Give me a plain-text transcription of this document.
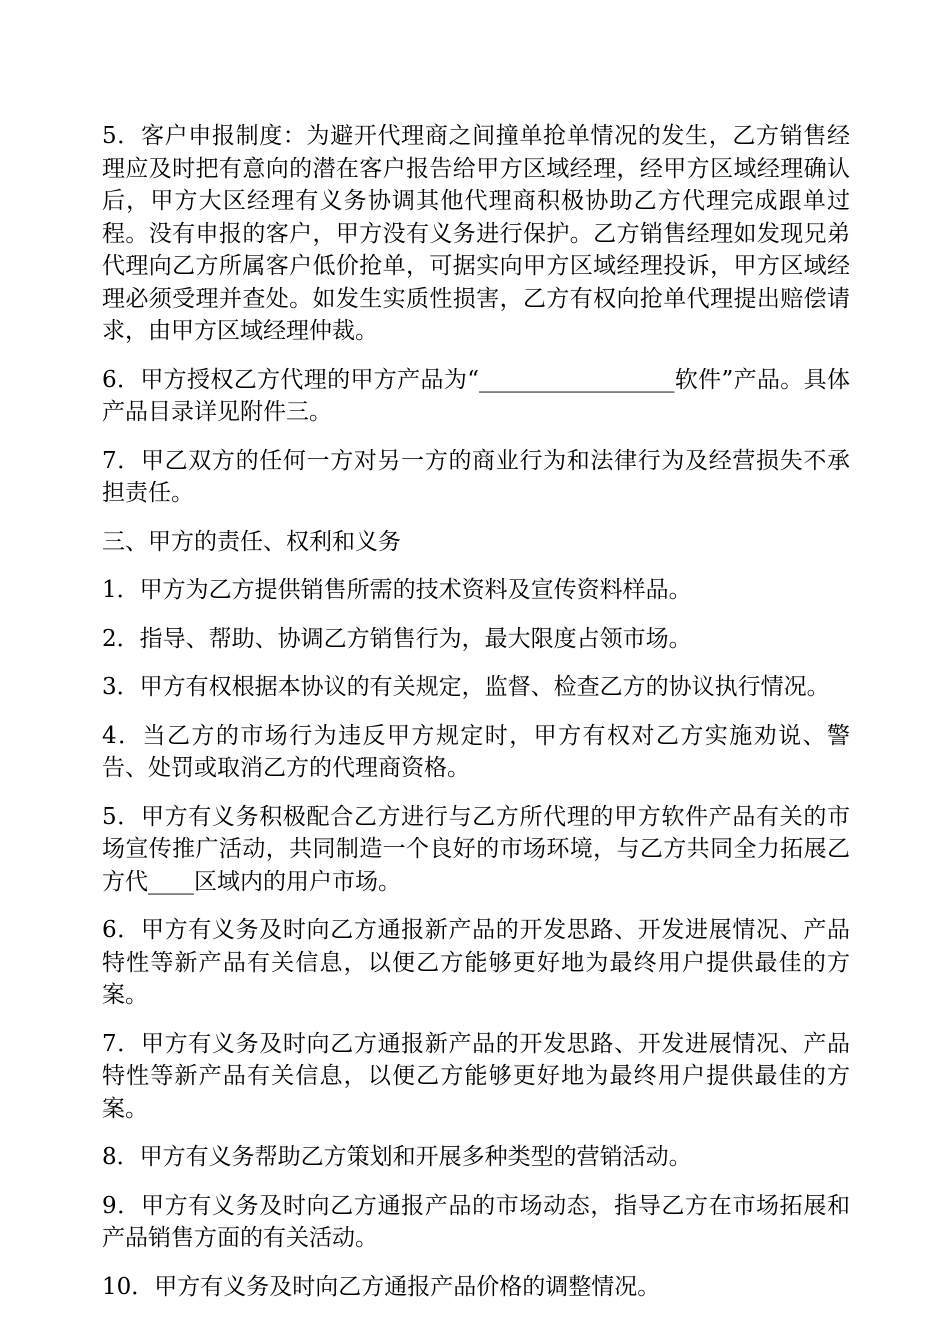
5．客户申报制度：为避开代理商之间撞单抢单情况的发生，乙方销售经理应及时把有意向的潜在客户报告给甲方区域经理，经甲方区域经理确认后，甲方大区经理有义务协调其他代理商积极协助乙方代理完成跟单过程。没有申报的客户，甲方没有义务进行保护。乙方销售经理如发现兄弟代理向乙方所属客户低价抢单，可据实向甲方区域经理投诉，甲方区域经理必须受理并查处。如发生实质性损害，乙方有权向抢单代理提出赔偿请求，由甲方区域经理仲裁。

6．甲方授权乙方代理的甲方产品为“_________________软件”产品。具体产品目录详见附件三。

7．甲乙双方的任何一方对另一方的商业行为和法律行为及经营损失不承担责任。

三、甲方的责任、权利和义务

1．甲方为乙方提供销售所需的技术资料及宣传资料样品。

2．指导、帮助、协调乙方销售行为，最大限度占领市场。

3．甲方有权根据本协议的有关规定，监督、检查乙方的协议执行情况。

4．当乙方的市场行为违反甲方规定时，甲方有权对乙方实施劝说、警告、处罚或取消乙方的代理商资格。

5．甲方有义务积极配合乙方进行与乙方所代理的甲方软件产品有关的市场宣传推广活动，共同制造一个良好的市场环境，与乙方共同全力拓展乙方代____区域内的用户市场。

6．甲方有义务及时向乙方通报新产品的开发思路、开发进展情况、产品特性等新产品有关信息，以便乙方能够更好地为最终用户提供最佳的方案。

7．甲方有义务及时向乙方通报新产品的开发思路、开发进展情况、产品特性等新产品有关信息，以便乙方能够更好地为最终用户提供最佳的方案。

8．甲方有义务帮助乙方策划和开展多种类型的营销活动。

9．甲方有义务及时向乙方通报产品的市场动态，指导乙方在市场拓展和产品销售方面的有关活动。

10．甲方有义务及时向乙方通报产品价格的调整情况。
